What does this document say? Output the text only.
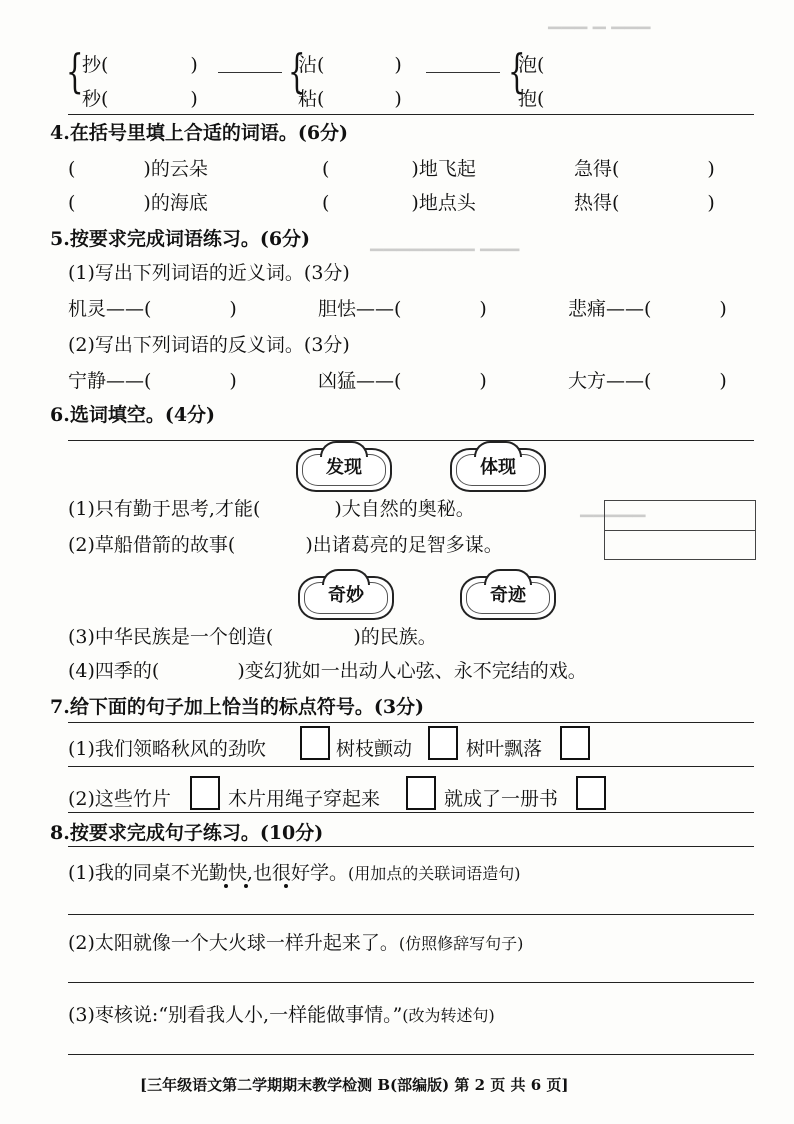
▁▁▁ ▁ ▁▁▁
▁▁▁▁▁▁▁▁ ▁▁▁
▁▁▁▁▁
{
抄(	)
秒(	)
{
沾(	)
粘(	)
{
泡(
抱(
4.在括号里填上合适的词语。(6分)
(	)的云朵	(	)地飞起	急得(	)
(	)的海底	(	)地点头	热得(	)
5.按要求完成词语练习。(6分)
(1)写出下列词语的近义词。(3分)
机灵——(	)	胆怯——(	)	悲痛——(	)
(2)写出下列词语的反义词。(3分)
宁静——(	)	凶猛——(	)	大方——(	)
6.选词填空。(4分)
发现	体现
(1)只有勤于思考,才能(	)大自然的奥秘。
(2)草船借箭的故事(	)出诸葛亮的足智多谋。
奇妙	奇迹
(3)中华民族是一个创造(	)的民族。
(4)四季的(	)变幻犹如一出动人心弦、永不完结的戏。
7.给下面的句子加上恰当的标点符号。(3分)
(1)我们领略秋风的劲吹	树枝颤动	树叶飘落
(2)这些竹片	木片用绳子穿起来	就成了一册书
8.按要求完成句子练习。(10分)
(1)我的同桌不光勤快,也很好学。(用加点的关联词语造句)
(2)太阳就像一个大火球一样升起来了。(仿照修辞写句子)
(3)枣核说:“别看我人小,一样能做事情。”(改为转述句)
[三年级语文第二学期期末教学检测 B(部编版) 第 2 页 共 6 页]
